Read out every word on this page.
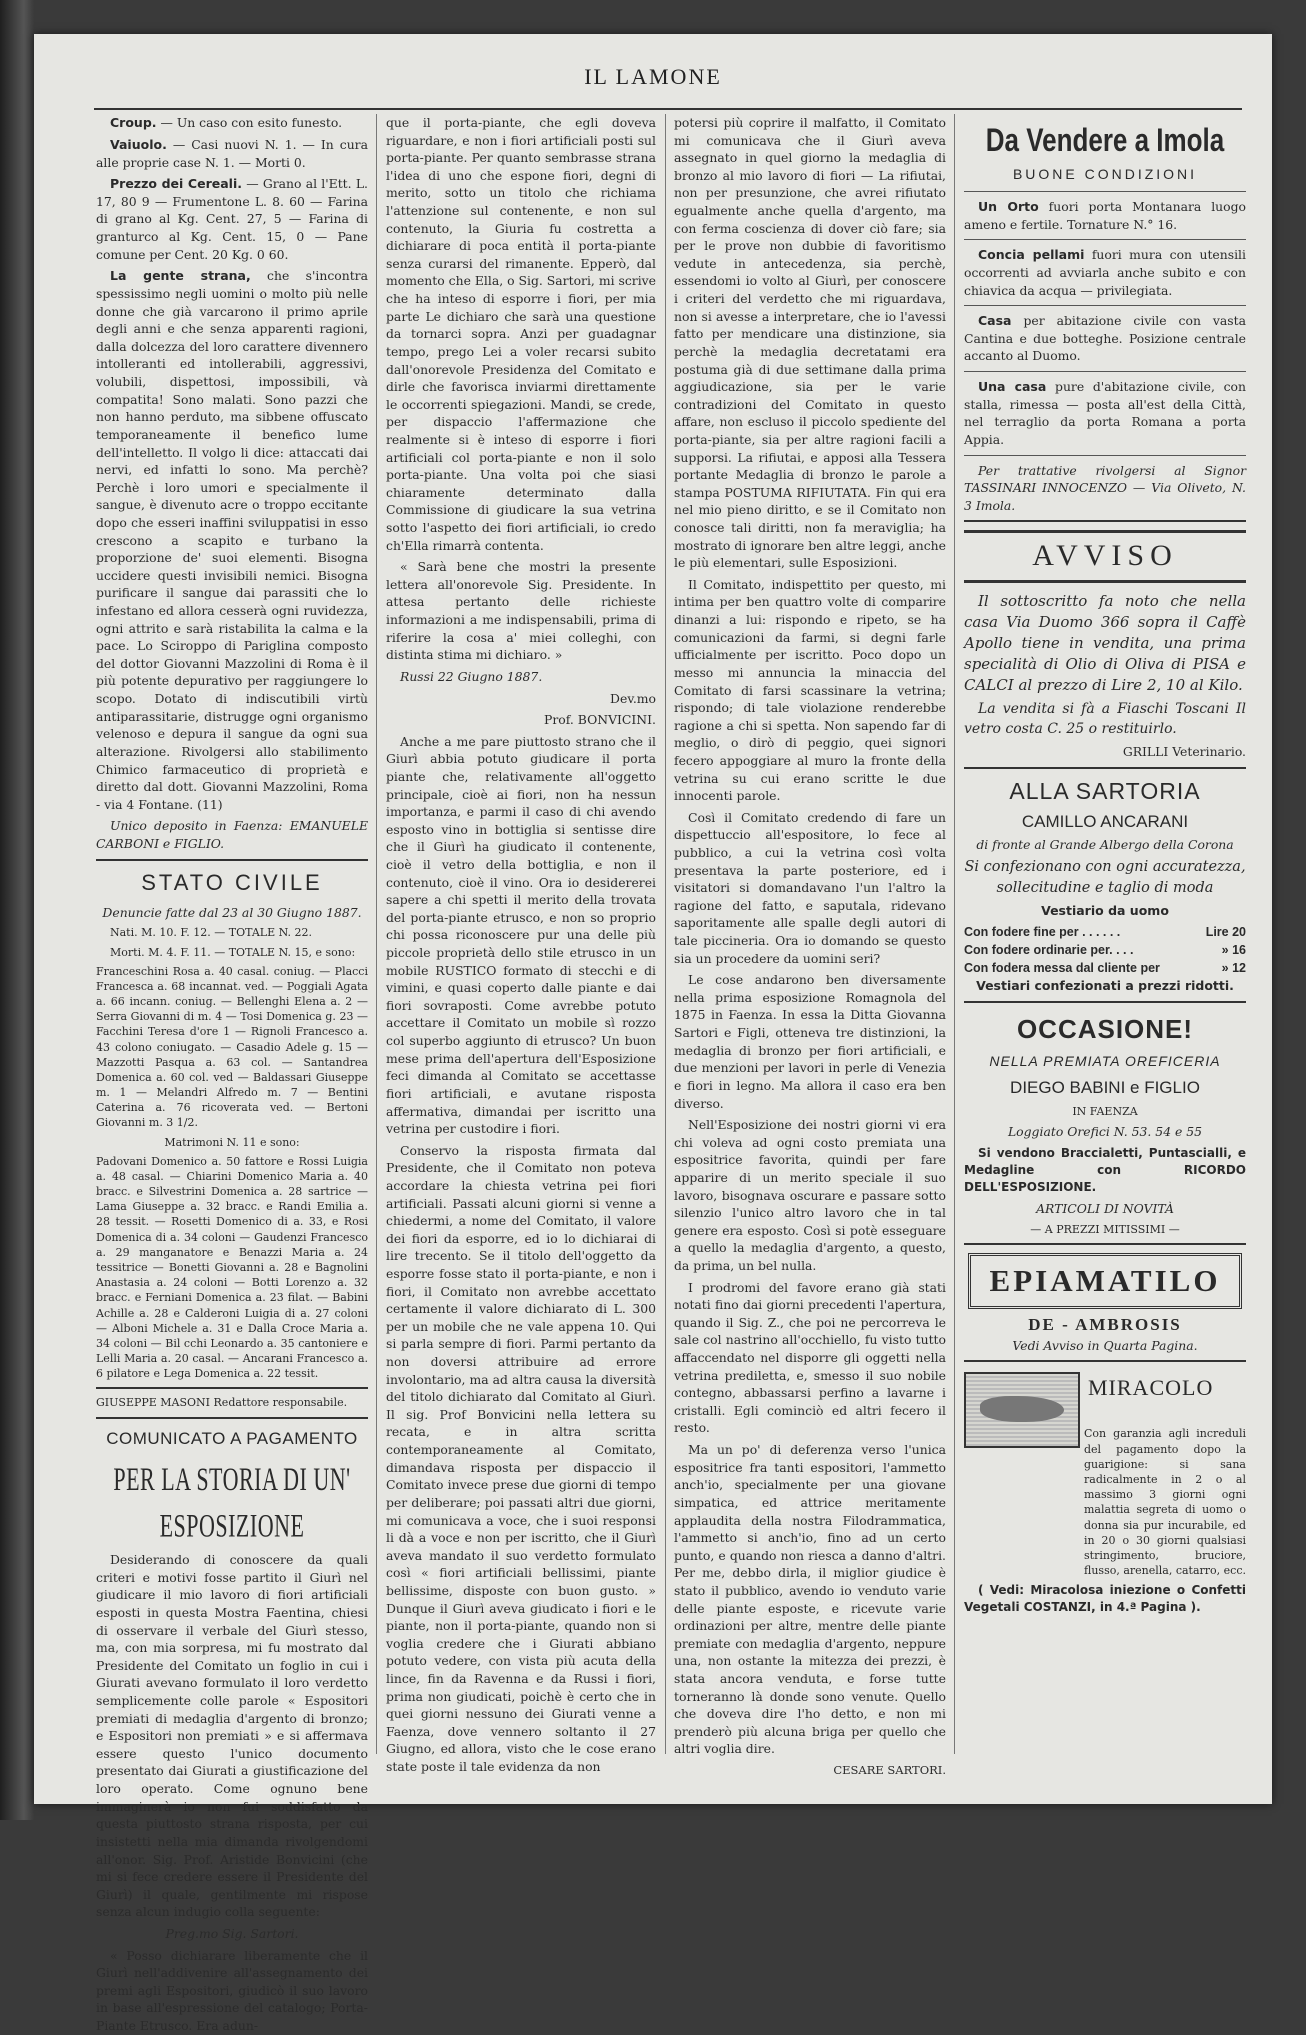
IL LAMONE

Croup. — Un caso con esito funesto.

Vaiuolo. — Casi nuovi N. 1. — In cura alle proprie case N. 1. — Morti 0.

Prezzo dei Cereali. — Grano al l'Ett. L. 17, 80 9 — Frumentone L. 8. 60 — Farina di grano al Kg. Cent. 27, 5 — Farina di granturco al Kg. Cent. 15, 0 — Pane comune per Cent. 20 Kg. 0 60.

La gente strana, che s'incontra spessissimo negli uomini o molto più nelle donne che già varcarono il primo aprile degli anni e che senza apparenti ragioni, dalla dolcezza del loro carattere divennero intolleranti ed intollerabili, aggressivi, volubili, dispettosi, impossibili, và compatita! Sono malati. Sono pazzi che non hanno perduto, ma sibbene offuscato temporaneamente il benefico lume dell'intelletto. Il volgo li dice: attaccati dai nervi, ed infatti lo sono. Ma perchè? Perchè i loro umori e specialmente il sangue, è divenuto acre o troppo eccitante dopo che esseri inaffini sviluppatisi in esso crescono a scapito e turbano la proporzione de' suoi elementi. Bisogna uccidere questi invisibili nemici. Bisogna purificare il sangue dai parassiti che lo infestano ed allora cesserà ogni ruvidezza, ogni attrito e sarà ristabilita la calma e la pace. Lo Sciroppo di Pariglina composto del dottor Giovanni Mazzolini di Roma è il più potente depurativo per raggiungere lo scopo. Dotato di indiscutibili virtù antiparassitarie, distrugge ogni organismo velenoso e depura il sangue da ogni sua alterazione. Rivolgersi allo stabilimento Chimico farmaceutico di proprietà e diretto dal dott. Giovanni Mazzolini, Roma - via 4 Fontane. (11)

Unico deposito in Faenza: EMANUELE CARBONI e FIGLIO.

STATO CIVILE

Denuncie fatte dal 23 al 30 Giugno 1887.

Nati. M. 10. F. 12. — TOTALE N. 22.

Morti. M. 4. F. 11. — TOTALE N. 15, e sono:

Franceschini Rosa a. 40 casal. coniug. — Placci Francesca a. 68 incannat. ved. — Poggiali Agata a. 66 incann. coniug. — Bellenghi Elena a. 2 — Serra Giovanni di m. 4 — Tosi Domenica g. 23 — Facchini Teresa d'ore 1 — Rignoli Francesco a. 43 colono coniugato. — Casadio Adele g. 15 — Mazzotti Pasqua a. 63 col. — Santandrea Domenica a. 60 col. ved — Baldassari Giuseppe m. 1 — Melandri Alfredo m. 7 — Bentini Caterina a. 76 ricoverata ved. — Bertoni Giovanni m. 3 1/2.

Matrimoni N. 11 e sono:

Padovani Domenico a. 50 fattore e Rossi Luigia a. 48 casal. — Chiarini Domenico Maria a. 40 bracc. e Silvestrini Domenica a. 28 sartrice — Lama Giuseppe a. 32 bracc. e Randi Emilia a. 28 tessit. — Rosetti Domenico di a. 33, e Rosi Domenica di a. 34 coloni — Gaudenzi Francesco a. 29 manganatore e Benazzi Maria a. 24 tessitrice — Bonetti Giovanni a. 28 e Bagnolini Anastasia a. 24 coloni — Botti Lorenzo a. 32 bracc. e Ferniani Domenica a. 23 filat. — Babini Achille a. 28 e Calderoni Luigia di a. 27 coloni — Alboni Michele a. 31 e Dalla Croce Maria a. 34 coloni — Bil cchi Leonardo a. 35 cantoniere e Lelli Maria a. 20 casal. — Ancarani Francesco a. 6 pilatore e Lega Domenica a. 22 tessit.

GIUSEPPE MASONI Redattore responsabile.

COMUNICATO A PAGAMENTO
PER LA STORIA DI UN' ESPOSIZIONE

Desiderando di conoscere da quali criteri e motivi fosse partito il Giurì nel giudicare il mio lavoro di fiori artificiali esposti in questa Mostra Faentina, chiesi di osservare il verbale del Giurì stesso, ma, con mia sorpresa, mi fu mostrato dal Presidente del Comitato un foglio in cui i Giurati avevano formulato il loro verdetto semplicemente colle parole « Espositori premiati di medaglia d'argento di bronzo; e Espositori non premiati » e si affermava essere questo l'unico documento presentato dai Giurati a giustificazione del loro operato. Come ognuno bene immaginerà io non fui soddisfatto da questa piuttosto strana risposta, per cui insistetti nella mia dimanda rivolgendomi all'onor. Sig. Prof. Aristide Bonvicini (che mi si fece credere essere il Presidente del Giurì) il quale, gentilmente mi rispose senza alcun indugio colla seguente:

Preg.mo Sig. Sartori.

« Posso dichiarare liberamente che il Giurì nell'addivenire all'assegnamento dei premi agli Espositori, giudicò il suo lavoro in base all'espressione del catalogo; Porta-Piante Etrusco. Era adun-

que il porta-piante, che egli doveva riguardare, e non i fiori artificiali posti sul porta-piante. Per quanto sembrasse strana l'idea di uno che espone fiori, degni di merito, sotto un titolo che richiama l'attenzione sul contenente, e non sul contenuto, la Giuria fu costretta a dichiarare di poca entità il porta-piante senza curarsi del rimanente. Epperò, dal momento che Ella, o Sig. Sartori, mi scrive che ha inteso di esporre i fiori, per mia parte Le dichiaro che sarà una questione da tornarci sopra. Anzi per guadagnar tempo, prego Lei a voler recarsi subito dall'onorevole Presidenza del Comitato e dirle che favorisca inviarmi direttamente le occorrenti spiegazioni. Mandi, se crede, per dispaccio l'affermazione che realmente si è inteso di esporre i fiori artificiali col porta-piante e non il solo porta-piante. Una volta poi che siasi chiaramente determinato dalla Commissione di giudicare la sua vetrina sotto l'aspetto dei fiori artificiali, io credo ch'Ella rimarrà contenta.

« Sarà bene che mostri la presente lettera all'onorevole Sig. Presidente. In attesa pertanto delle richieste informazioni a me indispensabili, prima di riferire la cosa a' miei colleghi, con distinta stima mi dichiaro. »

Russi 22 Giugno 1887.

Dev.mo

Prof. BONVICINI.

Anche a me pare piuttosto strano che il Giurì abbia potuto giudicare il porta piante che, relativamente all'oggetto principale, cioè ai fiori, non ha nessun importanza, e parmi il caso di chi avendo esposto vino in bottiglia si sentisse dire che il Giurì ha giudicato il contenente, cioè il vetro della bottiglia, e non il contenuto, cioè il vino. Ora io desidererei sapere a chi spetti il merito della trovata del porta-piante etrusco, e non so proprio chi possa riconoscere pur una delle più piccole proprietà dello stile etrusco in un mobile RUSTICO formato di stecchi e di vimini, e quasi coperto dalle piante e dai fiori sovraposti. Come avrebbe potuto accettare il Comitato un mobile sì rozzo col superbo aggiunto di etrusco? Un buon mese prima dell'apertura dell'Esposizione feci dimanda al Comitato se accettasse fiori artificiali, e avutane risposta affermativa, dimandai per iscritto una vetrina per custodire i fiori.

Conservo la risposta firmata dal Presidente, che il Comitato non poteva accordare la chiesta vetrina pei fiori artificiali. Passati alcuni giorni si venne a chiedermi, a nome del Comitato, il valore dei fiori da esporre, ed io lo dichiarai di lire trecento. Se il titolo dell'oggetto da esporre fosse stato il porta-piante, e non i fiori, il Comitato non avrebbe accettato certamente il valore dichiarato di L. 300 per un mobile che ne vale appena 10. Qui si parla sempre di fiori. Parmi pertanto da non doversi attribuire ad errore involontario, ma ad altra causa la diversità del titolo dichiarato dal Comitato al Giurì. Il sig. Prof Bonvicini nella lettera su recata, e in altra scritta contemporaneamente al Comitato, dimandava risposta per dispaccio il Comitato invece prese due giorni di tempo per deliberare; poi passati altri due giorni, mi comunicava a voce, che i suoi responsi li dà a voce e non per iscritto, che il Giurì aveva mandato il suo verdetto formulato così « fiori artificiali bellissimi, piante bellissime, disposte con buon gusto. » Dunque il Giurì aveva giudicato i fiori e le piante, non il porta-piante, quando non si voglia credere che i Giurati abbiano potuto vedere, con vista più acuta della lince, fin da Ravenna e da Russi i fiori, prima non giudicati, poichè è certo che in quei giorni nessuno dei Giurati venne a Faenza, dove vennero soltanto il 27 Giugno, ed allora, visto che le cose erano state poste il tale evidenza da non

potersi più coprire il malfatto, il Comitato mi comunicava che il Giurì aveva assegnato in quel giorno la medaglia di bronzo al mio lavoro di fiori — La rifiutai, non per presunzione, che avrei rifiutato egualmente anche quella d'argento, ma con ferma coscienza di dover ciò fare; sia per le prove non dubbie di favoritismo vedute in antecedenza, sia perchè, essendomi io volto al Giurì, per conoscere i criteri del verdetto che mi riguardava, non si avesse a interpretare, che io l'avessi fatto per mendicare una distinzione, sia perchè la medaglia decretatami era postuma già di due settimane dalla prima aggiudicazione, sia per le varie contradizioni del Comitato in questo affare, non escluso il piccolo spediente del porta-piante, sia per altre ragioni facili a supporsi. La rifiutai, e apposi alla Tessera portante Medaglia di bronzo le parole a stampa POSTUMA RIFIUTATA. Fin qui era nel mio pieno diritto, e se il Comitato non conosce tali diritti, non fa meraviglia; ha mostrato di ignorare ben altre leggi, anche le più elementari, sulle Esposizioni.

Il Comitato, indispettito per questo, mi intima per ben quattro volte di comparire dinanzi a lui: rispondo e ripeto, se ha comunicazioni da farmi, si degni farle ufficialmente per iscritto. Poco dopo un messo mi annuncia la minaccia del Comitato di farsi scassinare la vetrina; rispondo; di tale violazione renderebbe ragione a chi si spetta. Non sapendo far di meglio, o dirò di peggio, quei signori fecero appoggiare al muro la fronte della vetrina su cui erano scritte le due innocenti parole.

Così il Comitato credendo di fare un dispettuccio all'espositore, lo fece al pubblico, a cui la vetrina così volta presentava la parte posteriore, ed i visitatori si domandavano l'un l'altro la ragione del fatto, e saputala, ridevano saporitamente alle spalle degli autori di tale piccineria. Ora io domando se questo sia un procedere da uomini seri?

Le cose andarono ben diversamente nella prima esposizione Romagnola del 1875 in Faenza. In essa la Ditta Giovanna Sartori e Figli, otteneva tre distinzioni, la medaglia di bronzo per fiori artificiali, e due menzioni per lavori in perle di Venezia e fiori in legno. Ma allora il caso era ben diverso.

Nell'Esposizione dei nostri giorni vi era chi voleva ad ogni costo premiata una espositrice favorita, quindi per fare apparire di un merito speciale il suo lavoro, bisognava oscurare e passare sotto silenzio l'unico altro lavoro che in tal genere era esposto. Così si potè esseguare a quello la medaglia d'argento, a questo, da prima, un bel nulla.

I prodromi del favore erano già stati notati fino dai giorni precedenti l'apertura, quando il Sig. Z., che poi ne percorreva le sale col nastrino all'occhiello, fu visto tutto affaccendato nel disporre gli oggetti nella vetrina prediletta, e, smesso il suo nobile contegno, abbassarsi perfino a lavarne i cristalli. Egli cominciò ed altri fecero il resto.

Ma un po' di deferenza verso l'unica espositrice fra tanti espositori, l'ammetto anch'io, specialmente per una giovane simpatica, ed attrice meritamente applaudita della nostra Filodrammatica, l'ammetto si anch'io, fino ad un certo punto, e quando non riesca a danno d'altri. Per me, debbo dirla, il miglior giudice è stato il pubblico, avendo io venduto varie delle piante esposte, e ricevute varie ordinazioni per altre, mentre delle piante premiate con medaglia d'argento, neppure una, non ostante la mitezza dei prezzi, è stata ancora venduta, e forse tutte torneranno là donde sono venute. Quello che doveva dire l'ho detto, e non mi prenderò più alcuna briga per quello che altri voglia dire.

CESARE SARTORI.

Da Vendere a Imola
BUONE CONDIZIONI

Un Orto fuori porta Montanara luogo ameno e fertile. Tornature N.° 16.

Concia pellami fuori mura con utensili occorrenti ad avviarla anche subito e con chiavica da acqua — privilegiata.

Casa per abitazione civile con vasta Cantina e due botteghe. Posizione centrale accanto al Duomo.

Una casa pure d'abitazione civile, con stalla, rimessa — posta all'est della Città, nel terraglio da porta Romana a porta Appia.

Per trattative rivolgersi al Signor TASSINARI INNOCENZO — Via Oliveto, N. 3 Imola.

AVVISO

Il sottoscritto fa noto che nella casa Via Duomo 366 sopra il Caffè Apollo tiene in vendita, una prima specialità di Olio di Oliva di PISA e CALCI al prezzo di Lire 2, 10 al Kilo.

La vendita si fà a Fiaschi Toscani Il vetro costa C. 25 o restituirlo.

GRILLI Veterinario.

ALLA SARTORIA
CAMILLO ANCARANI

di fronte al Grande Albergo della Corona

Si confezionano con ogni accuratezza, sollecitudine e taglio di moda

Vestiario da uomo

Con fodere fine per . . . . . .	Lire 20
Con fodere ordinarie per. . . .	» 16
Con fodera messa dal cliente per	» 12

Vestiari confezionati a prezzi ridotti.

OCCASIONE!
NELLA PREMIATA OREFICERIA
DIEGO BABINI e FIGLIO

IN FAENZA

Loggiato Orefici N. 53. 54 e 55

Si vendono Braccialetti, Puntascialli, e Medagline con RICORDO DELL'ESPOSIZIONE.

ARTICOLI DI NOVITÀ

— A PREZZI MITISSIMI —

EPIAMATILO
DE - AMBROSIS

Vedi Avviso in Quarta Pagina.

MIRACOLO

Con garanzia agli increduli del pagamento dopo la guarigione: si sana radicalmente in 2 o al massimo 3 giorni ogni malattia segreta di uomo o donna sia pur incurabile, ed in 20 o 30 giorni qualsiasi stringimento, bruciore, flusso, arenella, catarro, ecc.

( Vedi: Miracolosa iniezione o Confetti Vegetali COSTANZI, in 4.ª Pagina ).
